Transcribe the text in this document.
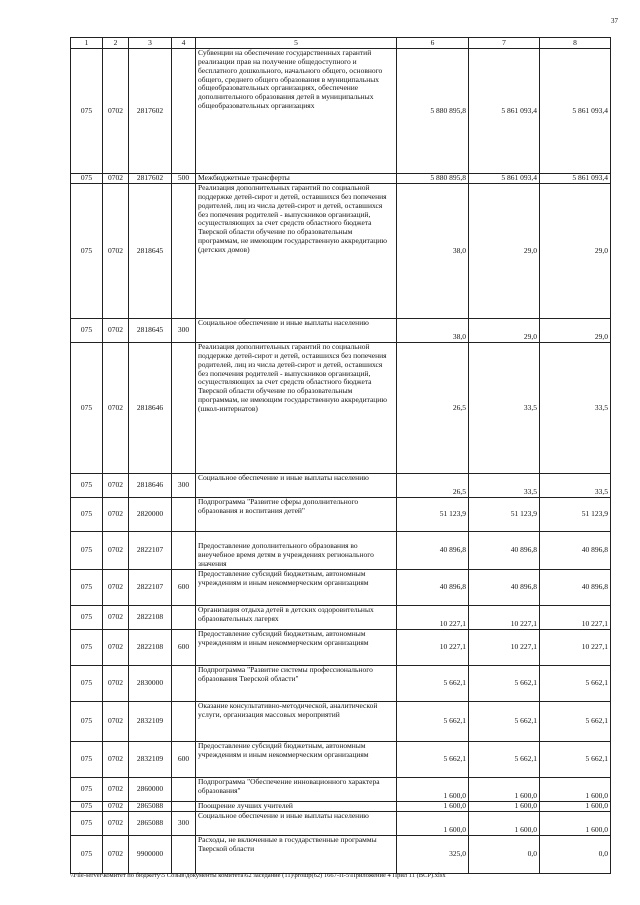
37
1	2	3	4	5	6	7	8
075	0702	2817602		Субвенции на обеспечение государственных гарантий реализации прав на получение общедоступного и бесплатного дошкольного, начального общего, основного общего, среднего общего образования в муниципальных общеобразовательных организациях, обеспечение дополнительного образования детей в муниципальных общеобразовательных организациях	5 880 895,8	5 861 093,4	5 861 093,4
075	0702	2817602	500	Межбюджетные трансферты	5 880 895,8	5 861 093,4	5 861 093,4
075	0702	2818645		Реализация дополнительных гарантий по социальной поддержке детей-сирот и детей, оставшихся без попечения родителей, лиц из числа детей-сирот и детей, оставшихся без попечения родителей - выпускников организаций, осуществляющих за счет средств областного бюджета Тверской области обучение по образовательным программам, не имеющим государственную аккредитацию (детских домов)	38,0	29,0	29,0
075	0702	2818645	300	Социальное обеспечение и иные выплаты населению	38,0	29,0	29,0
075	0702	2818646		Реализация дополнительных гарантий по социальной поддержке детей-сирот и детей, оставшихся без попечения родителей, лиц из числа детей-сирот и детей, оставшихся без попечения родителей - выпускников организаций, осуществляющих за счет средств областного бюджета Тверской области обучение по образовательным программам, не имеющим государственную аккредитацию (школ-интернатов)	26,5	33,5	33,5
075	0702	2818646	300	Социальное обеспечение и иные выплаты населению	26,5	33,5	33,5
075	0702	2820000		Подпрограмма "Развитие сферы дополнительного образования и воспитания детей"	51 123,9	51 123,9	51 123,9
075	0702	2822107		Предоставление дополнительного образования во внеучебное время детям в учреждениях регионального значения	40 896,8	40 896,8	40 896,8
075	0702	2822107	600	Предоставление субсидий бюджетным, автономным учреждениям и иным некоммерческим организациям	40 896,8	40 896,8	40 896,8
075	0702	2822108		Организация отдыха детей в детских оздоровительных образовательных лагерях	10 227,1	10 227,1	10 227,1
075	0702	2822108	600	Предоставление субсидий бюджетным, автономным учреждениям и иным некоммерческим организациям	10 227,1	10 227,1	10 227,1
075	0702	2830000		Подпрограмма "Развитие системы профессионального образования Тверской области"	5 662,1	5 662,1	5 662,1
075	0702	2832109		Оказание консультативно-методической, аналитической услуги, организация массовых мероприятий	5 662,1	5 662,1	5 662,1
075	0702	2832109	600	Предоставление субсидий бюджетным, автономным учреждениям и иным некоммерческим организациям	5 662,1	5 662,1	5 662,1
075	0702	2860000		Подпрограмма "Обеспечение инновационного характера образования"	1 600,0	1 600,0	1 600,0
075	0702	2865088		Поощрение лучших учителей	1 600,0	1 600,0	1 600,0
075	0702	2865088	300	Социальное обеспечение и иные выплаты населению	1 600,0	1 600,0	1 600,0
075	0702	9900000		Расходы, не включенные в государственные программы Тверской области	325,0	0,0	0,0
\\File-server\комитет по бюджету\5 Созыв\документы комитета\62 заседание (11)\proшр(62) 1667-П-5\Приложение 4 Прил 11 (ВСР).xlsx
